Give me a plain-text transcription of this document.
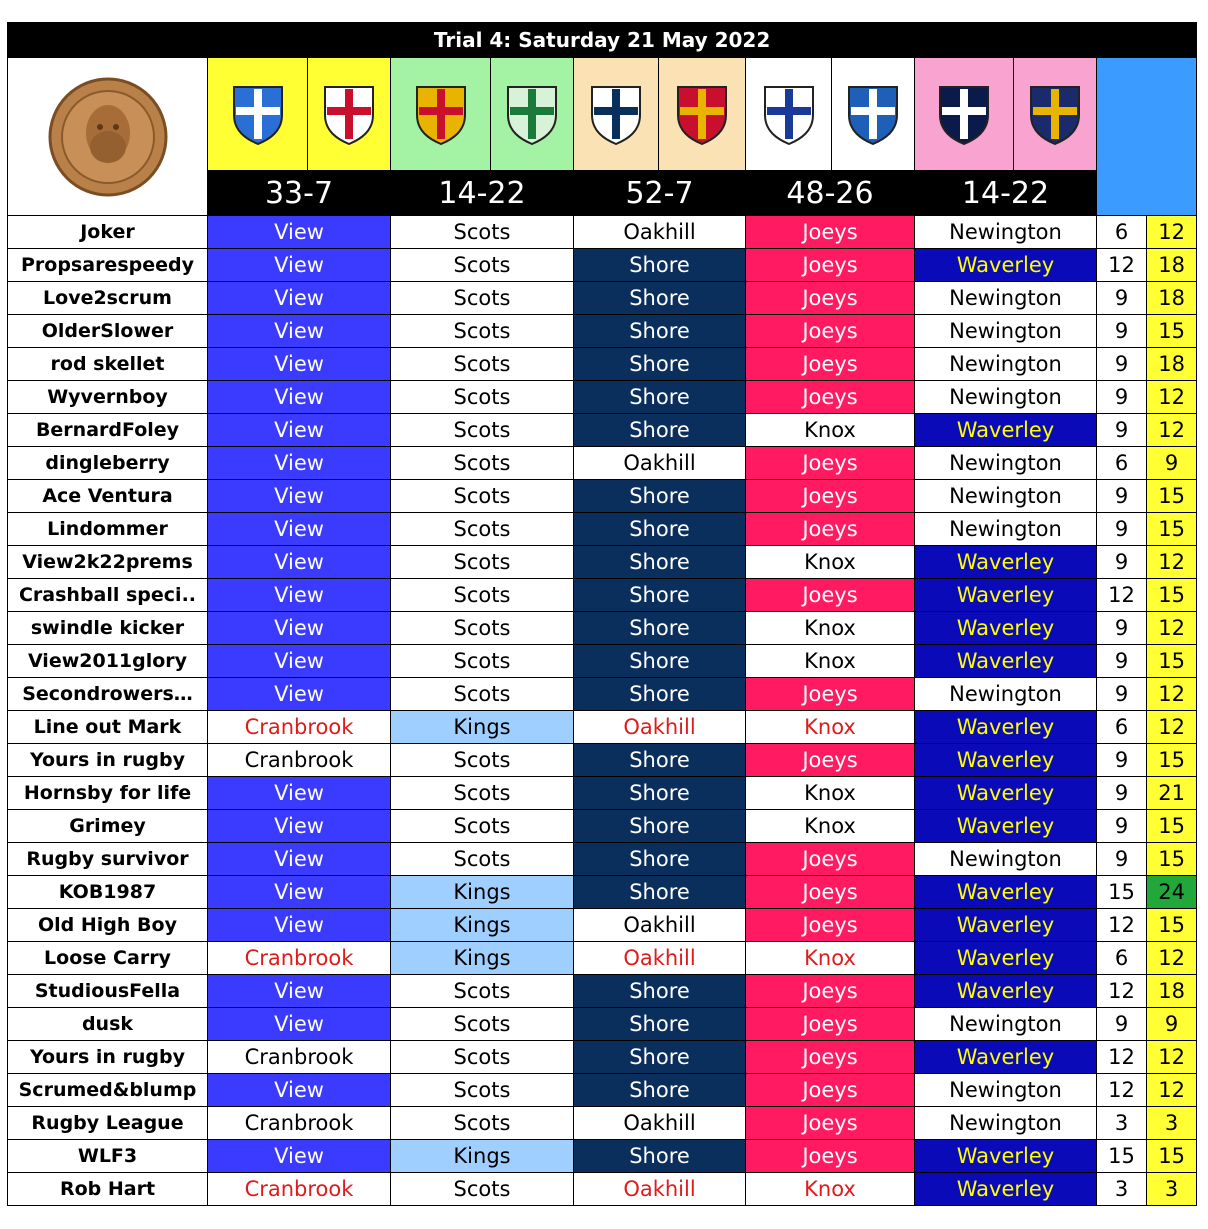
Trial 4: Saturday 21 May 2022												

	33-7		14-22		52-7		48-26		14-22			
Joker	View		Scots		Oakhill		Joeys		Newington		6	12
Propsarespeedy	View		Scots		Shore		Joeys		Waverley		12	18
Love2scrum	View		Scots		Shore		Joeys		Newington		9	18
OlderSlower	View		Scots		Shore		Joeys		Newington		9	15
rod skellet	View		Scots		Shore		Joeys		Newington		9	18
Wyvernboy	View		Scots		Shore		Joeys		Newington		9	12
BernardFoley	View		Scots		Shore		Knox		Waverley		9	12
dingleberry	View		Scots		Oakhill		Joeys		Newington		6	9
Ace Ventura	View		Scots		Shore		Joeys		Newington		9	15
Lindommer	View		Scots		Shore		Joeys		Newington		9	15
View2k22prems	View		Scots		Shore		Knox		Waverley		9	12
Crashball speci..	View		Scots		Shore		Joeys		Waverley		12	15
swindle kicker	View		Scots		Shore		Knox		Waverley		9	12
View2011glory	View		Scots		Shore		Knox		Waverley		9	15
Secondrowers…	View		Scots		Shore		Joeys		Newington		9	12
Line out Mark	Cranbrook		Kings		Oakhill		Knox		Waverley		6	12
Yours in rugby	Cranbrook		Scots		Shore		Joeys		Waverley		9	15
Hornsby for life	View		Scots		Shore		Knox		Waverley		9	21
Grimey	View		Scots		Shore		Knox		Waverley		9	15
Rugby survivor	View		Scots		Shore		Joeys		Newington		9	15
KOB1987	View		Kings		Shore		Joeys		Waverley		15	24
Old High Boy	View		Kings		Oakhill		Joeys		Waverley		12	15
Loose Carry	Cranbrook		Kings		Oakhill		Knox		Waverley		6	12
StudiousFella	View		Scots		Shore		Joeys		Waverley		12	18
dusk	View		Scots		Shore		Joeys		Newington		9	9
Yours in rugby	Cranbrook		Scots		Shore		Joeys		Waverley		12	12
Scrumed&blump	View		Scots		Shore		Joeys		Newington		12	12
Rugby League	Cranbrook		Scots		Oakhill		Joeys		Newington		3	3
WLF3	View		Kings		Shore		Joeys		Waverley		15	15
Rob Hart	Cranbrook		Scots		Oakhill		Knox		Waverley		3	3
